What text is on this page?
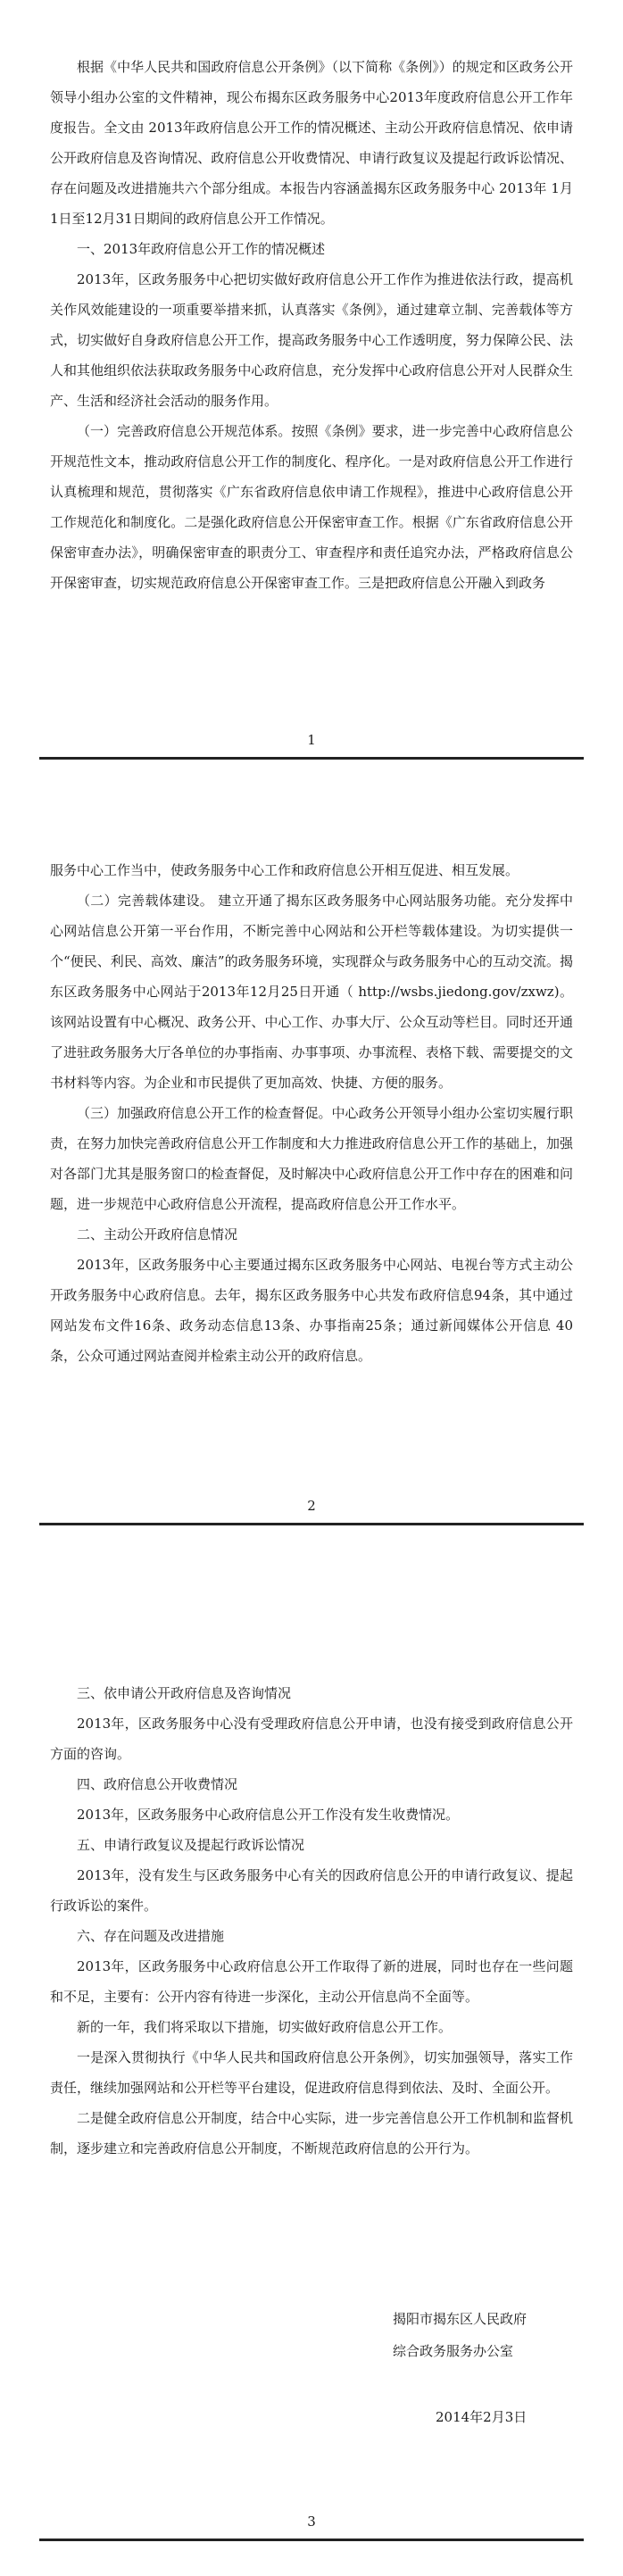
根据《中华人民共和国政府信息公开条例》（以下简称《条例》）的规定和区政务公开领导小组办公室的文件精神，现公布揭东区政务服务中心2013年度政府信息公开工作年度报告。全文由 2013年政府信息公开工作的情况概述、主动公开政府信息情况、依申请公开政府信息及咨询情况、政府信息公开收费情况、申请行政复议及提起行政诉讼情况、存在问题及改进措施共六个部分组成。本报告内容涵盖揭东区政务服务中心 2013年 1月1日至12月31日期间的政府信息公开工作情况。

一、2013年政府信息公开工作的情况概述

2013年，区政务服务中心把切实做好政府信息公开工作作为推进依法行政，提高机关作风效能建设的一项重要举措来抓，认真落实《条例》，通过建章立制、完善载体等方式，切实做好自身政府信息公开工作，提高政务服务中心工作透明度，努力保障公民、法人和其他组织依法获取政务服务中心政府信息，充分发挥中心政府信息公开对人民群众生产、生活和经济社会活动的服务作用。

（一）完善政府信息公开规范体系。按照《条例》要求，进一步完善中心政府信息公开规范性文本，推动政府信息公开工作的制度化、程序化。一是对政府信息公开工作进行认真梳理和规范，贯彻落实《广东省政府信息依申请工作规程》，推进中心政府信息公开工作规范化和制度化。二是强化政府信息公开保密审查工作。根据《广东省政府信息公开保密审查办法》，明确保密审查的职责分工、审查程序和责任追究办法，严格政府信息公开保密审查，切实规范政府信息公开保密审查工作。三是把政府信息公开融入到政务

1

服务中心工作当中，使政务服务中心工作和政府信息公开相互促进、相互发展。

（二）完善载体建设。 建立开通了揭东区政务服务中心网站服务功能。充分发挥中心网站信息公开第一平台作用，不断完善中心网站和公开栏等载体建设。为切实提供一个“便民、利民、高效、廉洁”的政务服务环境，实现群众与政务服务中心的互动交流。揭东区政务服务中心网站于2013年12月25日开通（ http://wsbs.jiedong.gov/zxwz)。该网站设置有中心概况、政务公开、中心工作、办事大厅、公众互动等栏目。同时还开通了进驻政务服务大厅各单位的办事指南、办事事项、办事流程、表格下载、需要提交的文书材料等内容。为企业和市民提供了更加高效、快捷、方便的服务。

（三）加强政府信息公开工作的检查督促。中心政务公开领导小组办公室切实履行职责，在努力加快完善政府信息公开工作制度和大力推进政府信息公开工作的基础上，加强对各部门尤其是服务窗口的检查督促，及时解决中心政府信息公开工作中存在的困难和问题，进一步规范中心政府信息公开流程，提高政府信息公开工作水平。

二、主动公开政府信息情况

2013年，区政务服务中心主要通过揭东区政务服务中心网站、电视台等方式主动公开政务服务中心政府信息。去年，揭东区政务服务中心共发布政府信息94条，其中通过网站发布文件16条、政务动态信息13条、办事指南25条；通过新闻媒体公开信息 40条，公众可通过网站查阅并检索主动公开的政府信息。

2

三、依申请公开政府信息及咨询情况

2013年，区政务服务中心没有受理政府信息公开申请，也没有接受到政府信息公开方面的咨询。

四、政府信息公开收费情况

2013年，区政务服务中心政府信息公开工作没有发生收费情况。

五、申请行政复议及提起行政诉讼情况

2013年，没有发生与区政务服务中心有关的因政府信息公开的申请行政复议、提起行政诉讼的案件。

六、存在问题及改进措施

2013年，区政务服务中心政府信息公开工作取得了新的进展，同时也存在一些问题和不足，主要有：公开内容有待进一步深化，主动公开信息尚不全面等。

新的一年，我们将采取以下措施，切实做好政府信息公开工作。

一是深入贯彻执行《中华人民共和国政府信息公开条例》，切实加强领导，落实工作责任，继续加强网站和公开栏等平台建设，促进政府信息得到依法、及时、全面公开。

二是健全政府信息公开制度，结合中心实际，进一步完善信息公开工作机制和监督机制，逐步建立和完善政府信息公开制度，不断规范政府信息的公开行为。

揭阳市揭东区人民政府
综合政务服务办公室
2014年2月3日
3
